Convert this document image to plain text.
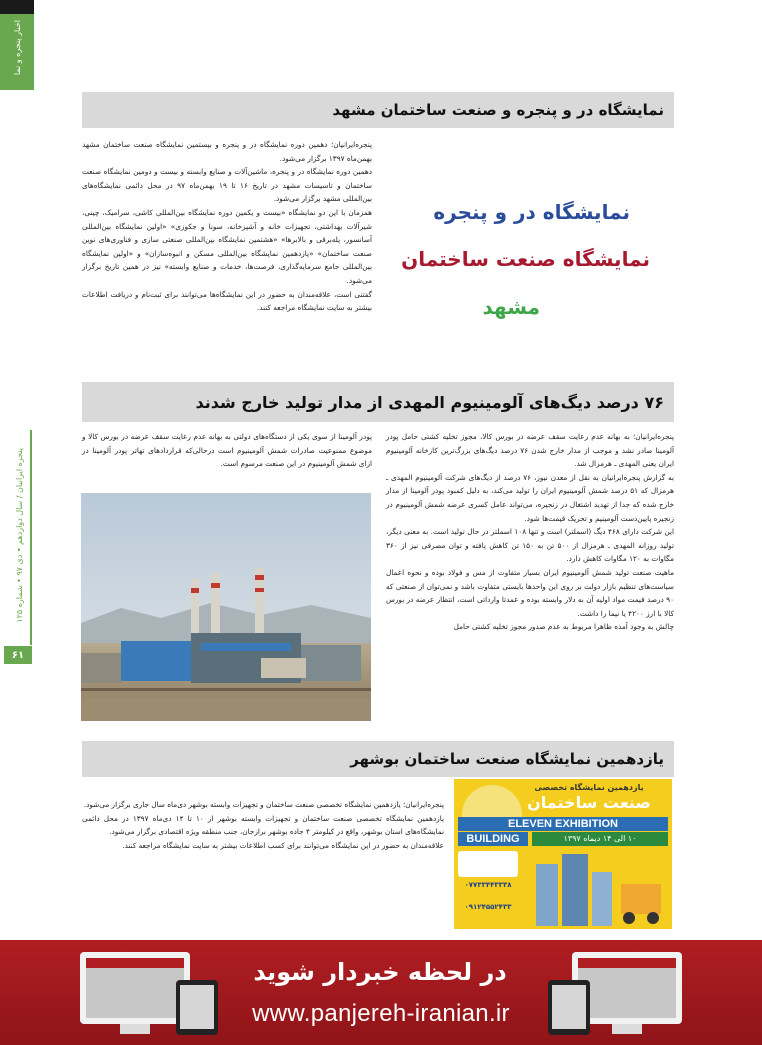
اخبار پنجره و نما
پنجره ایرانیان / سال دوازدهم • دی ۹۷ • شماره ۱۲۵
۶۱
نمایشگاه در و پنجره و صنعت ساختمان مشهد

پنجره‌ایرانیان؛ دهمین دوره نمایشگاه در و پنجره و بیستمین نمایشگاه صنعت ساختمان مشهد بهمن‌ماه ۱۳۹۷ برگزار می‌شود.

دهمین دوره نمایشگاه در و پنجره، ماشین‌آلات و صنایع وابسته و بیست و دومین نمایشگاه صنعت ساختمان و تاسیسات مشهد در تاریخ ۱۶ تا ۱۹ بهمن‌ماه ۹۷ در محل دائمی نمایشگاه‌های بین‌المللی مشهد برگزار می‌شود.

همزمان با این دو نمایشگاه «بیست و یکمین دوره نمایشگاه بین‌المللی کاشی، سرامیک، چینی، شیرآلات بهداشتی، تجهیزات خانه و آشپزخانه، سونا و جکوزی» «اولین نمایشگاه بین‌المللی آسانسور، پله‌برقی و بالابرها» «هشتمین نمایشگاه بین‌المللی صنعتی سازی و فناوری‌های نوین صنعت ساختمان» «یازدهمین نمایشگاه بین‌المللی مسکن و انبوه‌سازان» و «اولین نمایشگاه بین‌المللی جامع سرمایه‌گذاری، فرصت‌ها، خدمات و صنایع وابسته» نیز در همین تاریخ برگزار می‌شود.

گفتنی است، علاقه‌مندان به حضور در این نمایشگاه‌ها می‌توانند برای ثبت‌نام و دریافت اطلاعات بیشتر به سایت نمایشگاه مراجعه کنند.

نمایشگاه در و پنجره
نمایشگاه صنعت ساختمان
مشهد
۷۶ درصد دیگ‌های آلومینیوم المهدی از مدار تولید خارج شدند

پنجره‌ایرانیان؛ به بهانه عدم رعایت سقف عرضه در بورس کالا، مجوز تخلیه کشتی حامل پودر آلومینا صادر نشد و موجب از مدار خارج شدن ۷۶ درصد دیگ‌های بزرگ‌ترین کارخانه آلومینیوم ایران یعنی المهدی ـ هرمزال شد.

به گزارش پنجره‌ایرانیان به نقل از معدن نیوز، ۷۶ درصد از دیگ‌های شرکت آلومینیوم المهدی ـ هرمزال که ۵۱ درصد شمش آلومینیوم ایران را تولید می‌کند، به دلیل کمبود پودر آلومینا از مدار خارج شده که جدا از تهدید اشتغال در زنجیره، می‌تواند عامل کسری عرضه شمش آلومینیوم در زنجیره پایین‌دست آلومینیم و تحریک قیمت‌ها شود.

این شرکت دارای ۴۶۸ دیگ (اسملتر) است و تنها ۱۰۸ اسملتر در حال تولید است. به معنی دیگر، تولید روزانه المهدی ـ هرمزال از ۵۰۰ تن به ۱۵۰ تن کاهش یافته و توان مصرفی نیز از ۳۶۰ مگاوات به ۱۲۰ مگاوات کاهش دارد.

ماهیت صنعت تولید شمش آلومینیوم ایران بسیار متفاوت از مس و فولاد بوده و نحوه اعمال سیاست‌های تنظیم بازار دولت بر روی این واحدها بایستی متفاوت باشد و نمی‌توان از صنعتی که ۹۰ درصد قیمت مواد اولیه آن به دلار وابسته بوده و عمدتا وارداتی است، انتظار عرضه در بورس کالا با ارز ۴۲۰۰ یا نیما را داشت.

چالش به وجود آمده ظاهرا مربوط به عدم صدور مجوز تخلیه کشتی حامل

پودر آلومینا از سوی یکی از دستگاه‌های دولتی به بهانه عدم رعایت سقف عرضه در بورس کالا و موضوع ممنوعیت صادرات شمش آلومینیوم است درحالی‌که قراردادهای تهاتر پودر آلومینا در ازای شمش آلومینیوم در این صنعت مرسوم است.

یازدهمین نمایشگاه صنعت ساختمان بوشهر

پنجره‌ایرانیان؛ یازدهمین نمایشگاه تخصصی صنعت ساختمان و تجهیزات وابسته بوشهر دی‌ماه سال جاری برگزار می‌شود.

یازدهمین نمایشگاه تخصصی صنعت ساختمان و تجهیزات وابسته بوشهر از ۱۰ تا ۱۴ دی‌ماه ۱۳۹۷ در محل دائمی نمایشگاه‌های استان بوشهر، واقع در کیلومتر ۴ جاده بوشهر برازجان، جنب منطقه ویژه اقتصادی برگزار می‌شود.

علاقه‌مندان به حضور در این نمایشگاه می‌توانند برای کسب اطلاعات بیشتر به سایت نمایشگاه مراجعه کنند.

یازدهمین نمایشگاه تخصصی
صنعت ساختمان
ELEVEN EXHIBITION
BUILDING	۱۰ الی ۱۴ دیماه ۱۳۹۷
۰۷۷۳۳۴۴۳۳۳۸
۰۹۱۲۴۵۵۲۴۳۳
در لحظه خبردار شوید
www.panjereh-iranian.ir
